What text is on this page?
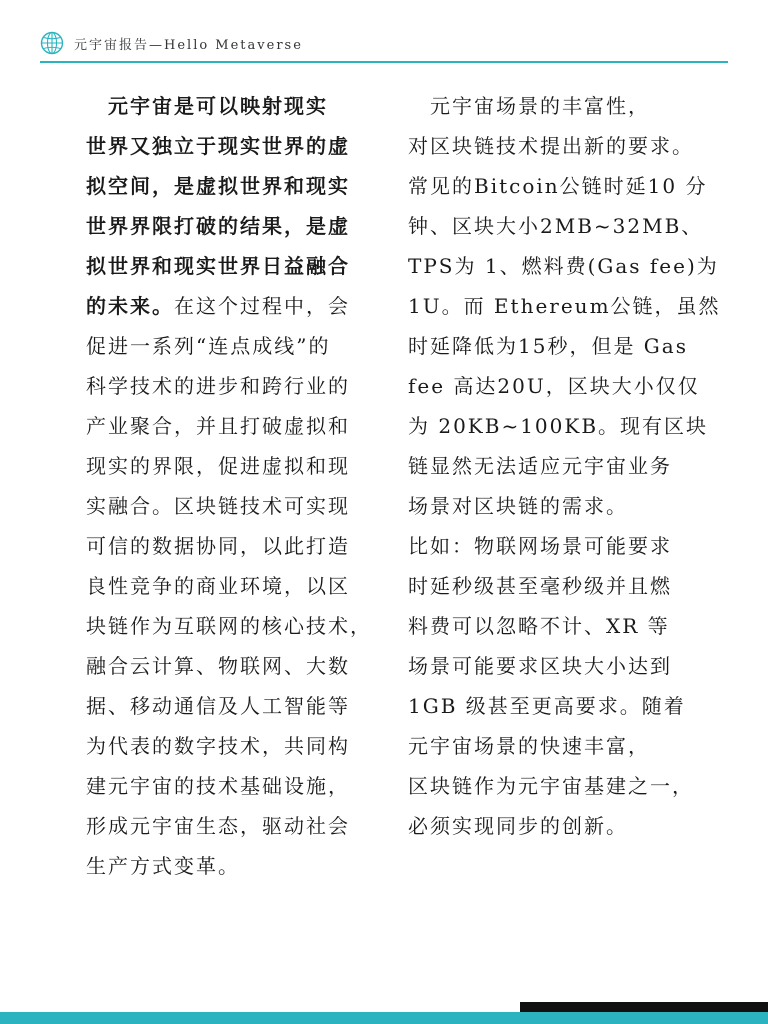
元宇宙报告—Hello Metaverse
　元宇宙是可以映射现实
世界又独立于现实世界的虚
拟空间，是虚拟世界和现实
世界界限打破的结果，是虚
拟世界和现实世界日益融合
的未来。在这个过程中，会
促进一系列“连点成线”的
科学技术的进步和跨行业的
产业聚合，并且打破虚拟和
现实的界限，促进虚拟和现
实融合。区块链技术可实现
可信的数据协同，以此打造
良性竞争的商业环境，以区
块链作为互联网的核心技术，
融合云计算、物联网、大数
据、移动通信及人工智能等
为代表的数字技术，共同构
建元宇宙的技术基础设施，
形成元宇宙生态，驱动社会
生产方式变革。
　元宇宙场景的丰富性，
对区块链技术提出新的要求。
常见的Bitcoin公链时延10 分
钟、区块大小2MB~32MB、
TPS为 1、燃料费(Gas fee)为
1U。而 Ethereum公链，虽然
时延降低为15秒，但是 Gas
fee 高达20U，区块大小仅仅
为 20KB~100KB。现有区块
链显然无法适应元宇宙业务
场景对区块链的需求。
比如：物联网场景可能要求
时延秒级甚至毫秒级并且燃
料费可以忽略不计、XR 等
场景可能要求区块大小达到
1GB 级甚至更高要求。随着
元宇宙场景的快速丰富，
区块链作为元宇宙基建之一，
必须实现同步的创新。
